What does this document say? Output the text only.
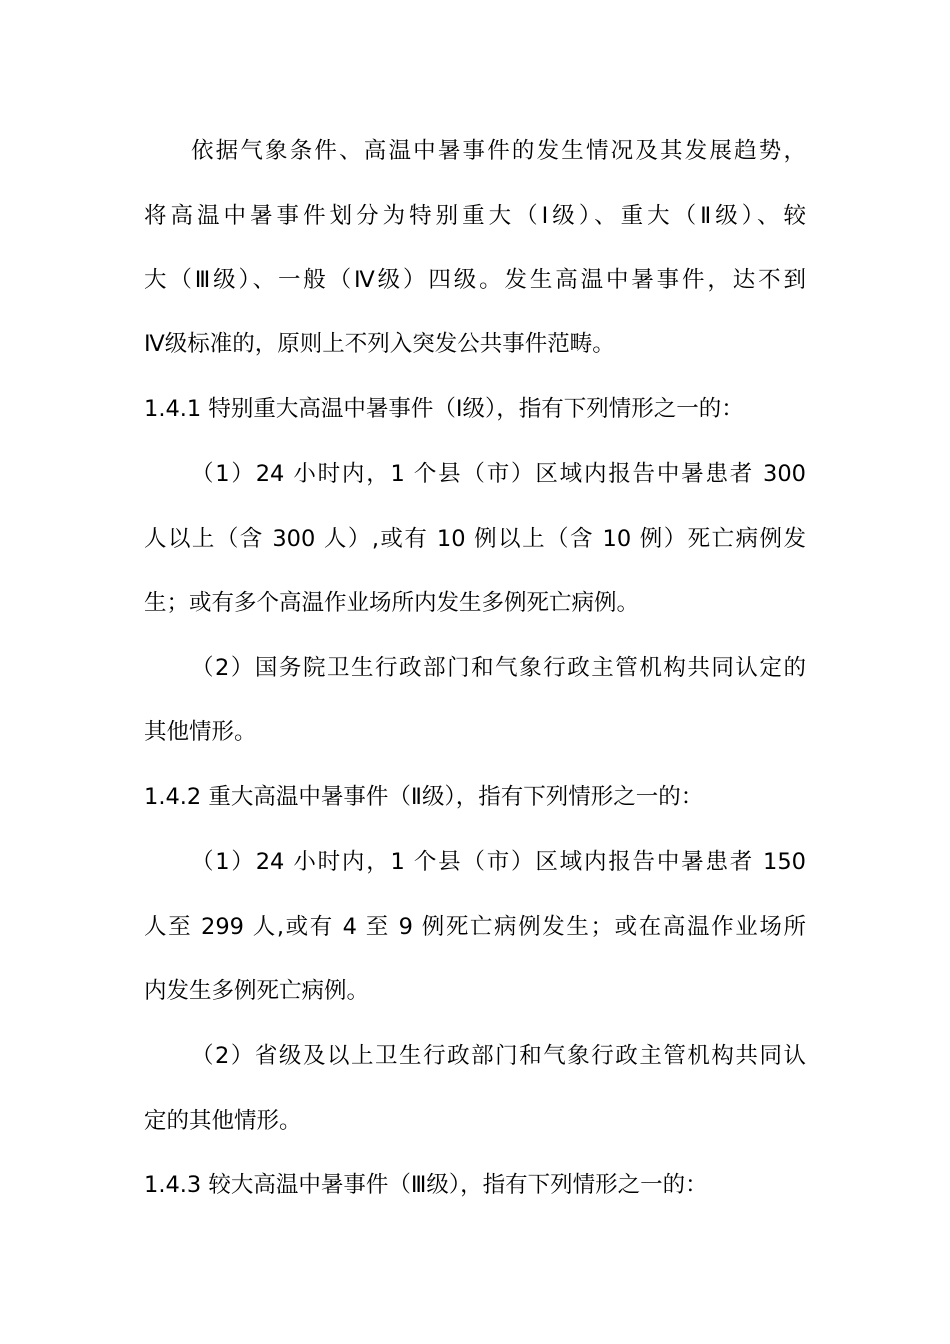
依据气象条件、高温中暑事件的发生情况及其发展趋势，
将高温中暑事件划分为特别重大（Ⅰ级）、重大（Ⅱ级）、较
大（Ⅲ级）、一般（Ⅳ级）四级。发生高温中暑事件，达不到
Ⅳ级标准的，原则上不列入突发公共事件范畴。
1.4.1 特别重大高温中暑事件（Ⅰ级），指有下列情形之一的：
（1）24 小时内，1 个县（市）区域内报告中暑患者 300
人以上（含 300 人）,或有 10 例以上（含 10 例）死亡病例发
生；或有多个高温作业场所内发生多例死亡病例。
（2）国务院卫生行政部门和气象行政主管机构共同认定的
其他情形。
1.4.2 重大高温中暑事件（Ⅱ级），指有下列情形之一的：
（1）24 小时内，1 个县（市）区域内报告中暑患者 150
人至 299 人,或有 4 至 9 例死亡病例发生；或在高温作业场所
内发生多例死亡病例。
（2）省级及以上卫生行政部门和气象行政主管机构共同认
定的其他情形。
1.4.3 较大高温中暑事件（Ⅲ级），指有下列情形之一的：
